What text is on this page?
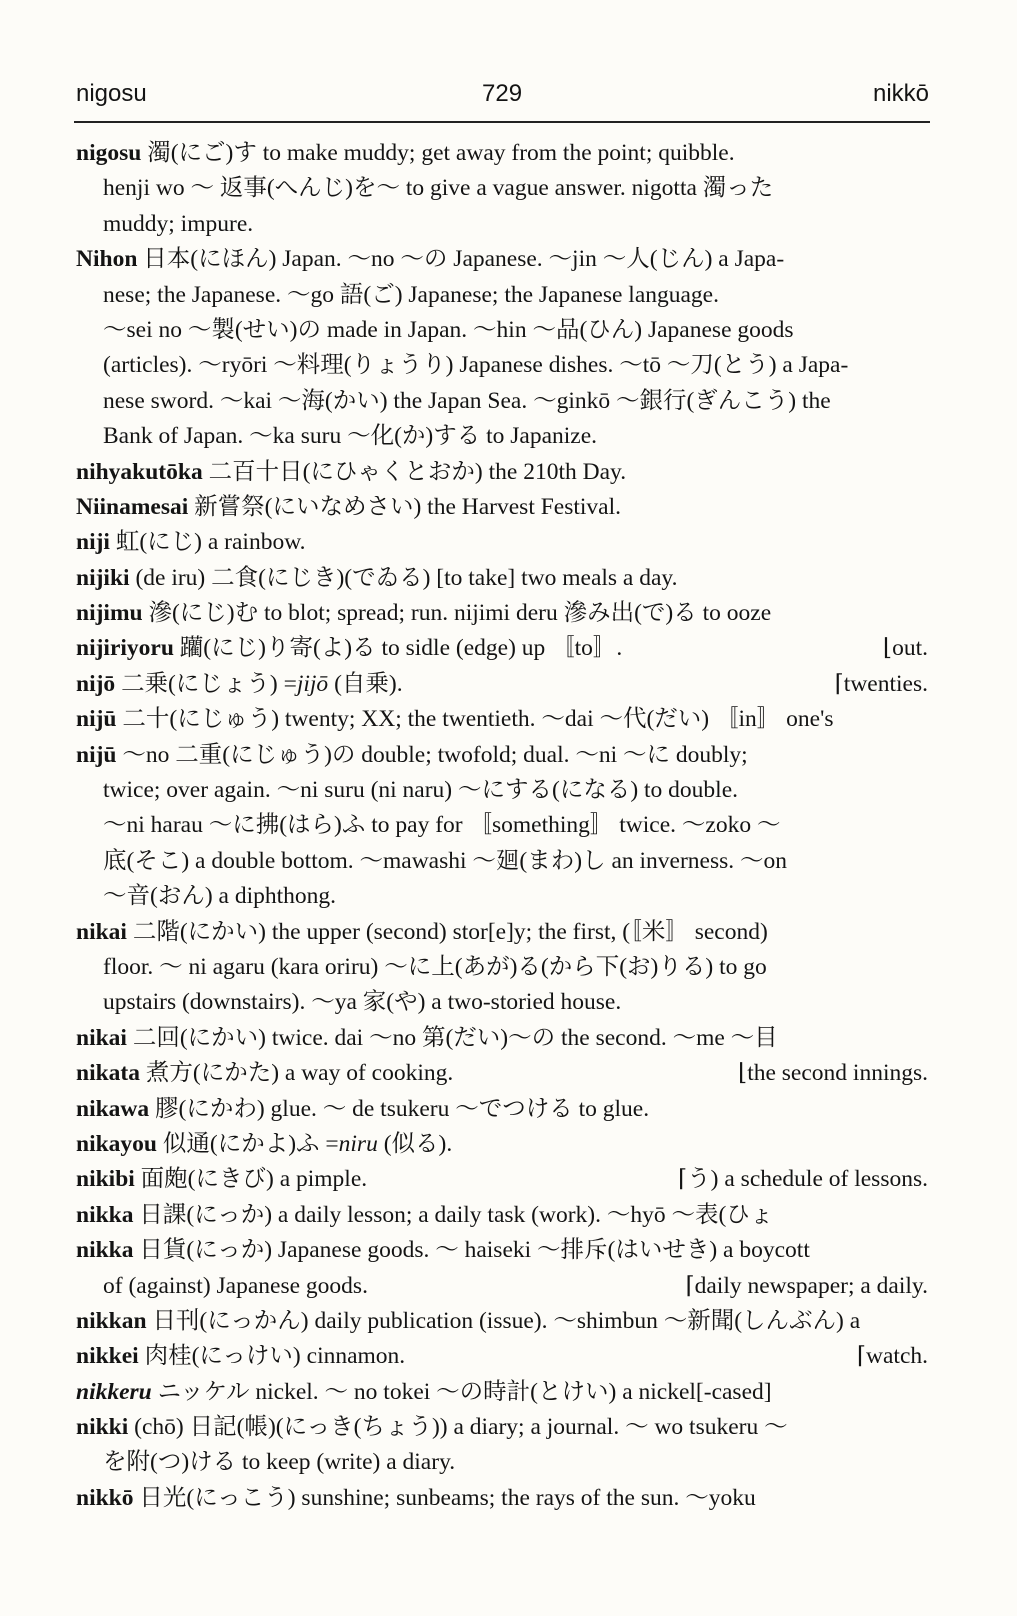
nigosu	729	nikkō
nigosu 濁(にご)す to make muddy; get away from the point; quibble.
henji wo ～ 返事(へんじ)を～ to give a vague answer. nigotta 濁った
muddy; impure.
Nihon 日本(にほん) Japan. ～no ～の Japanese. ～jin ～人(じん) a Japa-
nese; the Japanese. ～go 語(ご) Japanese; the Japanese language.
～sei no ～製(せい)の made in Japan. ～hin ～品(ひん) Japanese goods
(articles). ～ryōri ～料理(りょうり) Japanese dishes. ～tō ～刀(とう) a Japa-
nese sword. ～kai ～海(かい) the Japan Sea. ～ginkō ～銀行(ぎんこう) the
Bank of Japan. ～ka suru ～化(か)する to Japanize.
nihyakutōka 二百十日(にひゃくとおか) the 210th Day.
Niinamesai 新嘗祭(にいなめさい) the Harvest Festival.
niji 虹(にじ) a rainbow.
nijiki (de iru) 二食(にじき)(でゐる) [to take] two meals a day.
nijimu 滲(にじ)む to blot; spread; run. nijimi deru 滲み出(で)る to ooze
nijiriyoru 躪(にじ)り寄(よ)る to sidle (edge) up 〚to〛.	⌊out.
nijō 二乗(にじょう) =jijō (自乗).	⌈twenties.
nijū 二十(にじゅう) twenty; XX; the twentieth. ～dai ～代(だい) 〚in〛 one's
nijū ～no 二重(にじゅう)の double; twofold; dual. ～ni ～に doubly;
twice; over again. ～ni suru (ni naru) ～にする(になる) to double.
～ni harau ～に拂(はら)ふ to pay for 〚something〛 twice. ～zoko ～
底(そこ) a double bottom. ～mawashi ～廻(まわ)し an inverness. ～on
～音(おん) a diphthong.
nikai 二階(にかい) the upper (second) stor[e]y; the first, (〚米〛 second)
floor. ～ ni agaru (kara oriru) ～に上(あが)る(から下(お)りる) to go
upstairs (downstairs). ～ya 家(や) a two-storied house.
nikai 二回(にかい) twice. dai ～no 第(だい)～の the second. ～me ～目
nikata 煮方(にかた) a way of cooking.	⌊the second innings.
nikawa 膠(にかわ) glue. ～ de tsukeru ～でつける to glue.
nikayou 似通(にかよ)ふ =niru (似る).
nikibi 面皰(にきび) a pimple.	⌈う) a schedule of lessons.
nikka 日課(にっか) a daily lesson; a daily task (work). ～hyō ～表(ひょ
nikka 日貨(にっか) Japanese goods. ～ haiseki ～排斥(はいせき) a boycott
of (against) Japanese goods.	⌈daily newspaper; a daily.
nikkan 日刊(にっかん) daily publication (issue). ～shimbun ～新聞(しんぶん) a
nikkei 肉桂(にっけい) cinnamon.	⌈watch.
nikkeru ニッケル nickel. ～ no tokei ～の時計(とけい) a nickel[-cased]
nikki (chō) 日記(帳)(にっき(ちょう)) a diary; a journal. ～ wo tsukeru ～
を附(つ)ける to keep (write) a diary.
nikkō 日光(にっこう) sunshine; sunbeams; the rays of the sun. ～yoku
